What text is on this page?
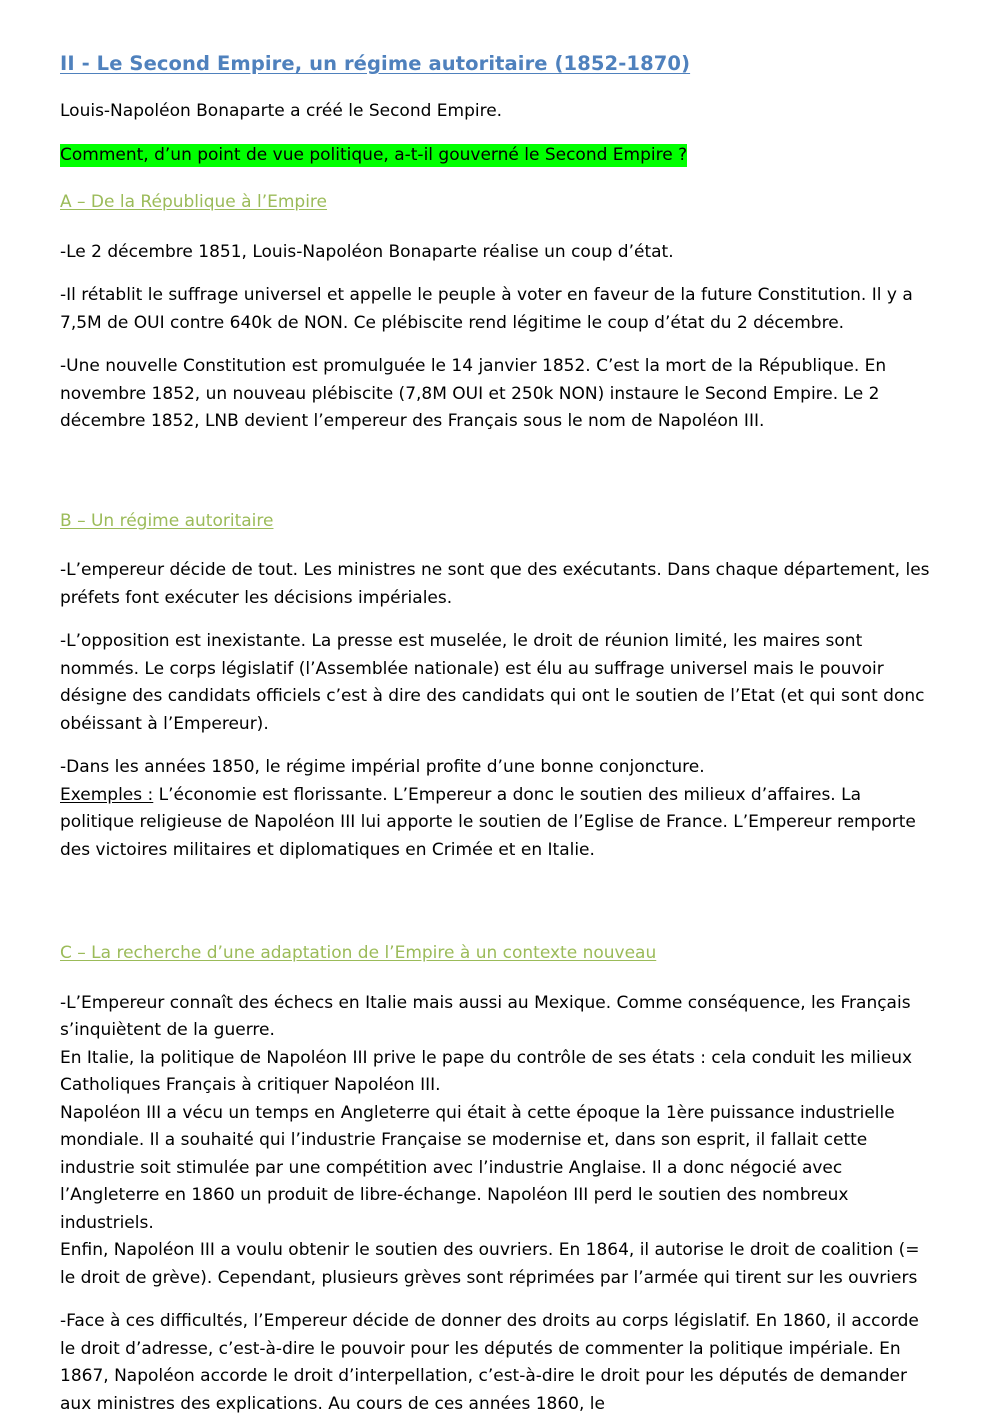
II - Le Second Empire, un régime autoritaire (1852-1870)

Louis-Napoléon Bonaparte a créé le Second Empire.

Comment, d’un point de vue politique, a-t-il gouverné le Second Empire ?

A – De la République à l’Empire

-Le 2 décembre 1851, Louis-Napoléon Bonaparte réalise un coup d’état.

-Il rétablit le suffrage universel et appelle le peuple à voter en faveur de la future Constitution. Il y a 7,5M de OUI contre 640k de NON. Ce plébiscite rend légitime le coup d’état du 2 décembre.

-Une nouvelle Constitution est promulguée le 14 janvier 1852. C’est la mort de la République. En novembre 1852, un nouveau plébiscite (7,8M OUI et 250k NON) instaure le Second Empire. Le 2 décembre 1852, LNB devient l’empereur des Français sous le nom de Napoléon III.

B – Un régime autoritaire

-L’empereur décide de tout. Les ministres ne sont que des exécutants. Dans chaque département, les préfets font exécuter les décisions impériales.

-L’opposition est inexistante. La presse est muselée, le droit de réunion limité, les maires sont nommés. Le corps législatif (l’Assemblée nationale) est élu au suffrage universel mais le pouvoir désigne des candidats officiels c’est à dire des candidats qui ont le soutien de l’Etat (et qui sont donc obéissant à l’Empereur).

-Dans les années 1850, le régime impérial profite d’une bonne conjoncture.

Exemples : L’économie est florissante. L’Empereur a donc le soutien des milieux d’affaires. La politique religieuse de Napoléon III lui apporte le soutien de l’Eglise de France. L’Empereur remporte des victoires militaires et diplomatiques en Crimée et en Italie.

C – La recherche d’une adaptation de l’Empire à un contexte nouveau

-L’Empereur connaît des échecs en Italie mais aussi au Mexique. Comme conséquence, les Français s’inquiètent de la guerre.

En Italie, la politique de Napoléon III prive le pape du contrôle de ses états : cela conduit les milieux Catholiques Français à critiquer Napoléon III.

Napoléon III a vécu un temps en Angleterre qui était à cette époque la 1ère puissance industrielle mondiale. Il a souhaité qui l’industrie Française se modernise et, dans son esprit, il fallait cette industrie soit stimulée par une compétition avec l’industrie Anglaise. Il a donc négocié avec l’Angleterre en 1860 un produit de libre-échange. Napoléon III perd le soutien des nombreux industriels.

Enfin, Napoléon III a voulu obtenir le soutien des ouvriers. En 1864, il autorise le droit de coalition (= le droit de grève). Cependant, plusieurs grèves sont réprimées par l’armée qui tirent sur les ouvriers

-Face à ces difficultés, l’Empereur décide de donner des droits au corps législatif. En 1860, il accorde le droit d’adresse, c’est-à-dire le pouvoir pour les députés de commenter la politique impériale. En 1867, Napoléon accorde le droit d’interpellation, c’est-à-dire le droit pour les députés de demander aux ministres des explications. Au cours de ces années 1860, le
